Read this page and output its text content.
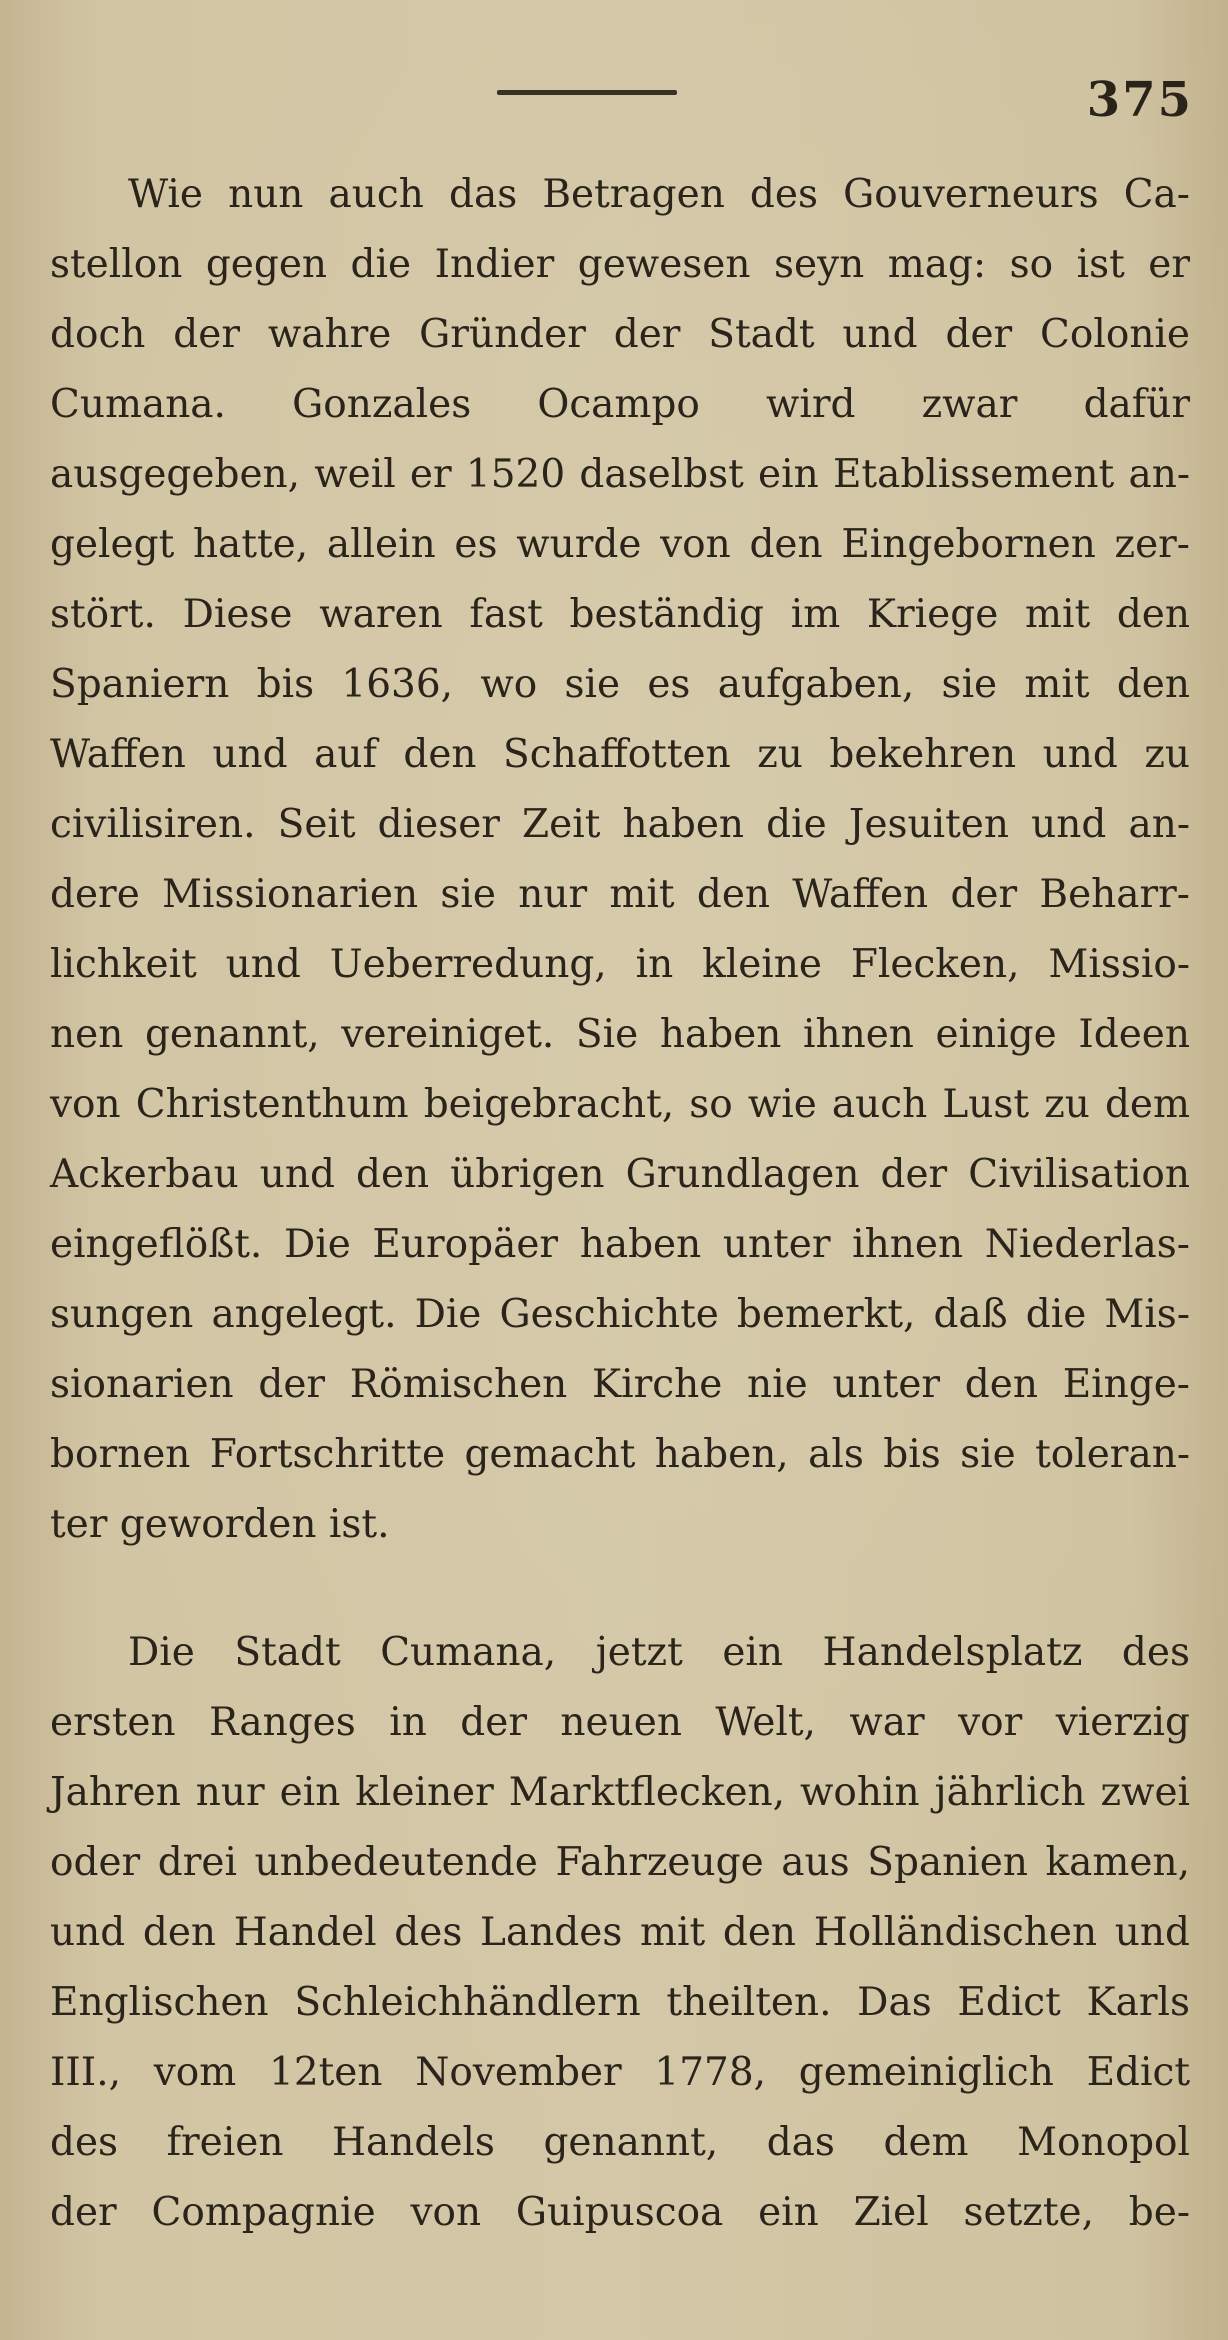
375
Wie nun auch das Betragen des Gouverneurs Ca-
stellon gegen die Indier gewesen seyn mag: so ist er
doch der wahre Gründer der Stadt und der Colonie
Cumana. Gonzales Ocampo wird zwar dafür
ausgegeben, weil er 1520 daselbst ein Etablissement an-
gelegt hatte, allein es wurde von den Eingebornen zer-
stört. Diese waren fast beständig im Kriege mit den
Spaniern bis 1636, wo sie es aufgaben, sie mit den
Waffen und auf den Schaffotten zu bekehren und zu
civilisiren. Seit dieser Zeit haben die Jesuiten und an-
dere Missionarien sie nur mit den Waffen der Beharr-
lichkeit und Ueberredung, in kleine Flecken, Missio-
nen genannt, vereiniget. Sie haben ihnen einige Ideen
von Christenthum beigebracht, so wie auch Lust zu dem
Ackerbau und den übrigen Grundlagen der Civilisation
eingeflößt. Die Europäer haben unter ihnen Niederlas-
sungen angelegt. Die Geschichte bemerkt, daß die Mis-
sionarien der Römischen Kirche nie unter den Einge-
bornen Fortschritte gemacht haben, als bis sie toleran-
ter geworden ist.
Die Stadt Cumana, jetzt ein Handelsplatz des
ersten Ranges in der neuen Welt, war vor vierzig
Jahren nur ein kleiner Marktflecken, wohin jährlich zwei
oder drei unbedeutende Fahrzeuge aus Spanien kamen,
und den Handel des Landes mit den Holländischen und
Englischen Schleichhändlern theilten. Das Edict Karls
III., vom 12ten November 1778, gemeiniglich Edict
des freien Handels genannt, das dem Monopol
der Compagnie von Guipuscoa ein Ziel setzte, be-
